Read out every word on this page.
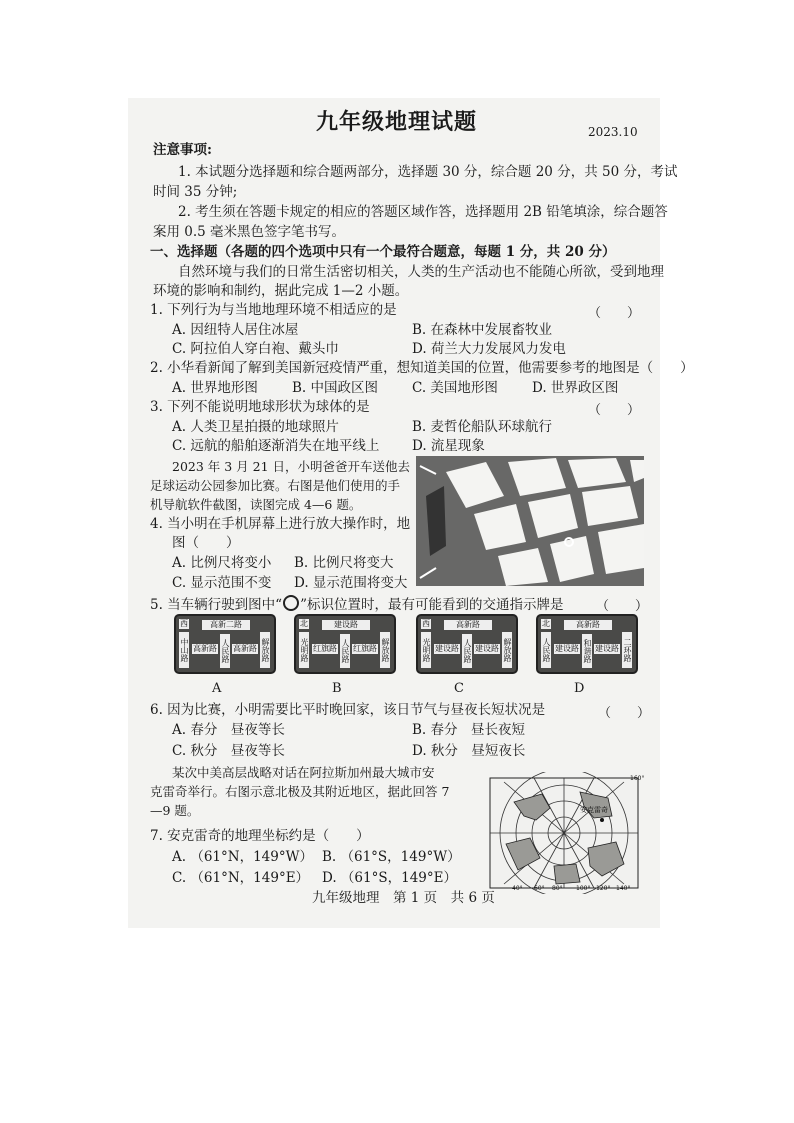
九年级地理试题	2023.10
注意事项:
1. 本试题分选择题和综合题两部分，选择题 30 分，综合题 20 分，共 50 分，考试
时间 35 分钟;
2. 考生须在答题卡规定的相应的答题区域作答，选择题用 2B 铅笔填涂，综合题答
案用 0.5 毫米黑色签字笔书写。
一、选择题（各题的四个选项中只有一个最符合题意，每题 1 分，共 20 分）
自然环境与我们的日常生活密切相关，人类的生产活动也不能随心所欲，受到地理
环境的影响和制约，据此完成 1—2 小题。
1. 下列行为与当地地理环境不相适应的是	（　　）
A. 因纽特人居住冰屋	B. 在森林中发展畜牧业
C. 阿拉伯人穿白袍、戴头巾	D. 荷兰大力发展风力发电
2. 小华看新闻了解到美国新冠疫情严重，想知道美国的位置，他需要参考的地图是（　　）
A. 世界地形图	B. 中国政区图	C. 美国地形图	D. 世界政区图
3. 下列不能说明地球形状为球体的是	（　　）
A. 人类卫星拍摄的地球照片	B. 麦哲伦船队环球航行
C. 远航的船舶逐渐消失在地平线上 D. 流星现象
2023 年 3 月 21 日，小明爸爸开车送他去
足球运动公园参加比赛。右图是他们使用的手
机导航软件截图，读图完成 4—6 题。
4. 当小明在手机屏幕上进行放大操作时，地
图（　　）
A. 比例尺将变小 B. 比例尺将变大
C. 显示范围不变 D. 显示范围将变大
5. 当车辆行驶到图中“ ”标识位置时，最有可能看到的交通指示牌是	（　　）
西	高新二路
中山路	解放路
高新路 高新路
人民路
A
北	建设路
光明路	解放路
红旗路 红旗路
人民路
B
西	高新路
光明路	解放路
建设路 建设路
人民路
C
北	高新路
人民路	二环路
建设路 建设路
和谐路
D
6. 因为比赛，小明需要比平时晚回家，该日节气与昼夜长短状况是	（　　）
A. 春分　昼夜等长	B. 春分　昼长夜短
C. 秋分　昼夜等长	D. 秋分　昼短夜长
某次中美高层战略对话在阿拉斯加州最大城市安
克雷奇举行。右图示意北极及其附近地区，据此回答 7
—9 题。	安克雷奇
40° 60° 80° 100° 120° 140°
160°
7. 安克雷奇的地理坐标约是（　　）
A. （61°N，149°W） B. （61°S，149°W）
C. （61°N，149°E） D. （61°S，149°E）
九年级地理　第 1 页　共 6 页
